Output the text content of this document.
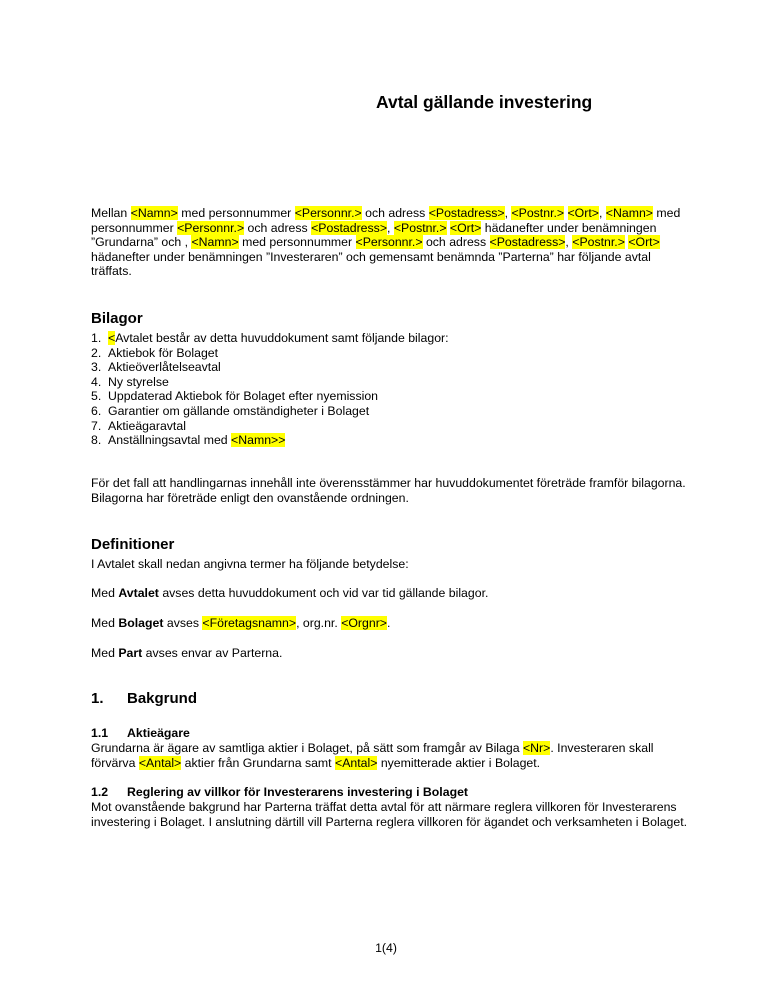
Avtal gällande investering

Mellan <Namn> med personnummer <Personnr.> och adress <Postadress>, <Postnr.> <Ort>, <Namn> med personnummer <Personnr.> och adress <Postadress>, <Postnr.> <Ort> hädanefter under benämningen ”Grundarna” och , <Namn> med personnummer <Personnr.> och adress <Postadress>, <Postnr.> <Ort> hädanefter under benämningen ”Investeraren” och gemensamt benämnda ”Parterna” har följande avtal träffats.

Bilagor
1. <Avtalet består av detta huvuddokument samt följande bilagor:
2. Aktiebok för Bolaget
3. Aktieöverlåtelseavtal
4. Ny styrelse
5. Uppdaterad Aktiebok för Bolaget efter nyemission
6. Garantier om gällande omständigheter i Bolaget
7. Aktieägaravtal
8. Anställningsavtal med <Namn>>

För det fall att handlingarnas innehåll inte överensstämmer har huvuddokumentet företräde framför bilagorna. Bilagorna har företräde enligt den ovanstående ordningen.

Definitioner

I Avtalet skall nedan angivna termer ha följande betydelse:

Med Avtalet avses detta huvuddokument och vid var tid gällande bilagor.

Med Bolaget avses <Företagsnamn>, org.nr. <Orgnr>.

Med Part avses envar av Parterna.

1. Bakgrund
1.1 Aktieägare

Grundarna är ägare av samtliga aktier i Bolaget, på sätt som framgår av Bilaga <Nr>. Investeraren skall förvärva <Antal> aktier från Grundarna samt <Antal> nyemitterade aktier i Bolaget.

1.2 Reglering av villkor för Investerarens investering i Bolaget

Mot ovanstående bakgrund har Parterna träffat detta avtal för att närmare reglera villkoren för Investerarens investering i Bolaget. I anslutning därtill vill Parterna reglera villkoren för ägandet och verksamheten i Bolaget.

1(4)
